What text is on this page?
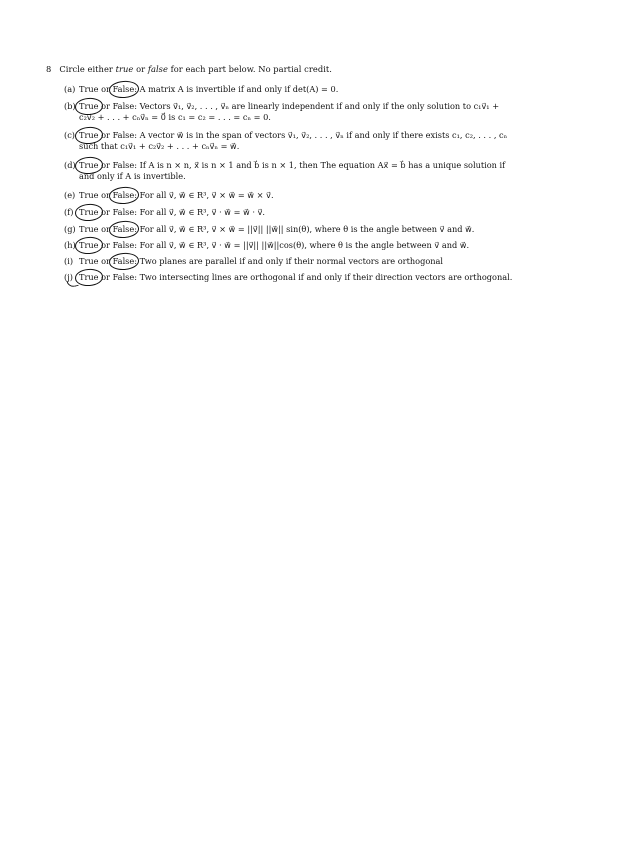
8 Circle either true or false for each part below. No partial credit.
(a) True or False: A matrix A is invertible if and only if det(A) = 0.
(b) True or False: Vectors v⃗₁, v⃗₂, . . . , v⃗ₙ are linearly independent if and only if the only solution to c₁v⃗₁ +
c₂v⃗₂ + . . . + cₙv⃗ₙ = 0⃗ is c₁ = c₂ = . . . = cₙ = 0.
(c) True or False: A vector w⃗ is in the span of vectors v⃗₁, v⃗₂, . . . , v⃗ₙ if and only if there exists c₁, c₂, . . . , cₙ
such that c₁v⃗₁ + c₂v⃗₂ + . . . + cₙv⃗ₙ = w⃗.
(d) True or False: If A is n × n, x⃗ is n × 1 and b⃗ is n × 1, then The equation Ax⃗ = b⃗ has a unique solution if
and only if A is invertible.
(e) True or False: For all v⃗, w⃗ ∈ R³, v⃗ × w⃗ = w⃗ × v⃗.
(f) True or False: For all v⃗, w⃗ ∈ R³, v⃗ · w⃗ = w⃗ · v⃗.
(g) True or False: For all v⃗, w⃗ ∈ R³, v⃗ × w⃗ = ||v⃗|| ||w⃗|| sin(θ), where θ is the angle between v⃗ and w⃗.
(h) True or False: For all v⃗, w⃗ ∈ R³, v⃗ · w⃗ = ||v⃗|| ||w⃗||cos(θ), where θ is the angle between v⃗ and w⃗.
(i) True or False: Two planes are parallel if and only if their normal vectors are orthogonal
(j) True or False: Two intersecting lines are orthogonal if and only if their direction vectors are orthogonal.
